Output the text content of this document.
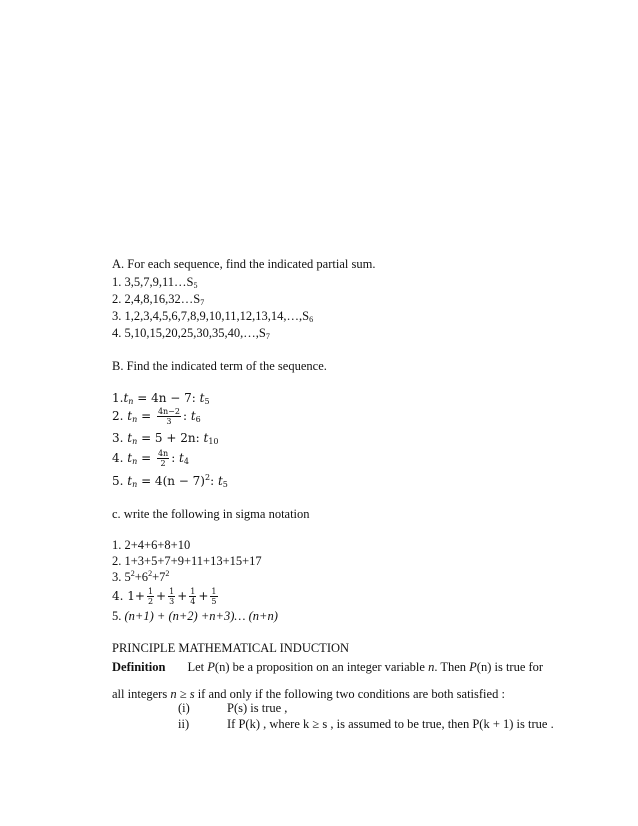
A. For each sequence, find the indicated partial sum.
1. $3,5,7,9,11\dots S_5$
2. $2,4,8,16,32\dots S_7$
3. $1,2,3,4,5,6,7,8,9,10,11,12,13,14,\dots,S_6$
4. $5,10,15,20,25,30,35,40,\dots,S_7$
B. Find the indicated term of the sequence.
$1.t_n = 4n - 7$: $t_5$
2. $t_n = \frac{4n-2}{3}$ : $t_6$
3. $t_n = 5 + 2n$: $t_{10}$
4. $t_n = \frac{4n}{2}$ : $t_4$
5. $t_n = 4(n - 7)^2$: $t_5$
c. write the following in sigma notation
1. 2+4+6+8+10
2. 1+3+5+7+9+11+13+15+17
3. $5^2+6^2+7^2$
4. $1+ \frac{1}{2} + \frac{1}{3} + \frac{1}{4} + \frac{1}{5}$
5. (n+1) + (n+2) +n+3)… (n+n)
PRINCIPLE MATHEMATICAL INDUCTION
Definition Let P(n) be a proposition on an integer variable n. Then P(n) is true for
all integers n ≥ s if and only if the following two conditions are both satisfied :
(i)	P(s) is true ,
ii)	If P(k) , where k ≥ s , is assumed to be true, then P(k + 1) is true .
